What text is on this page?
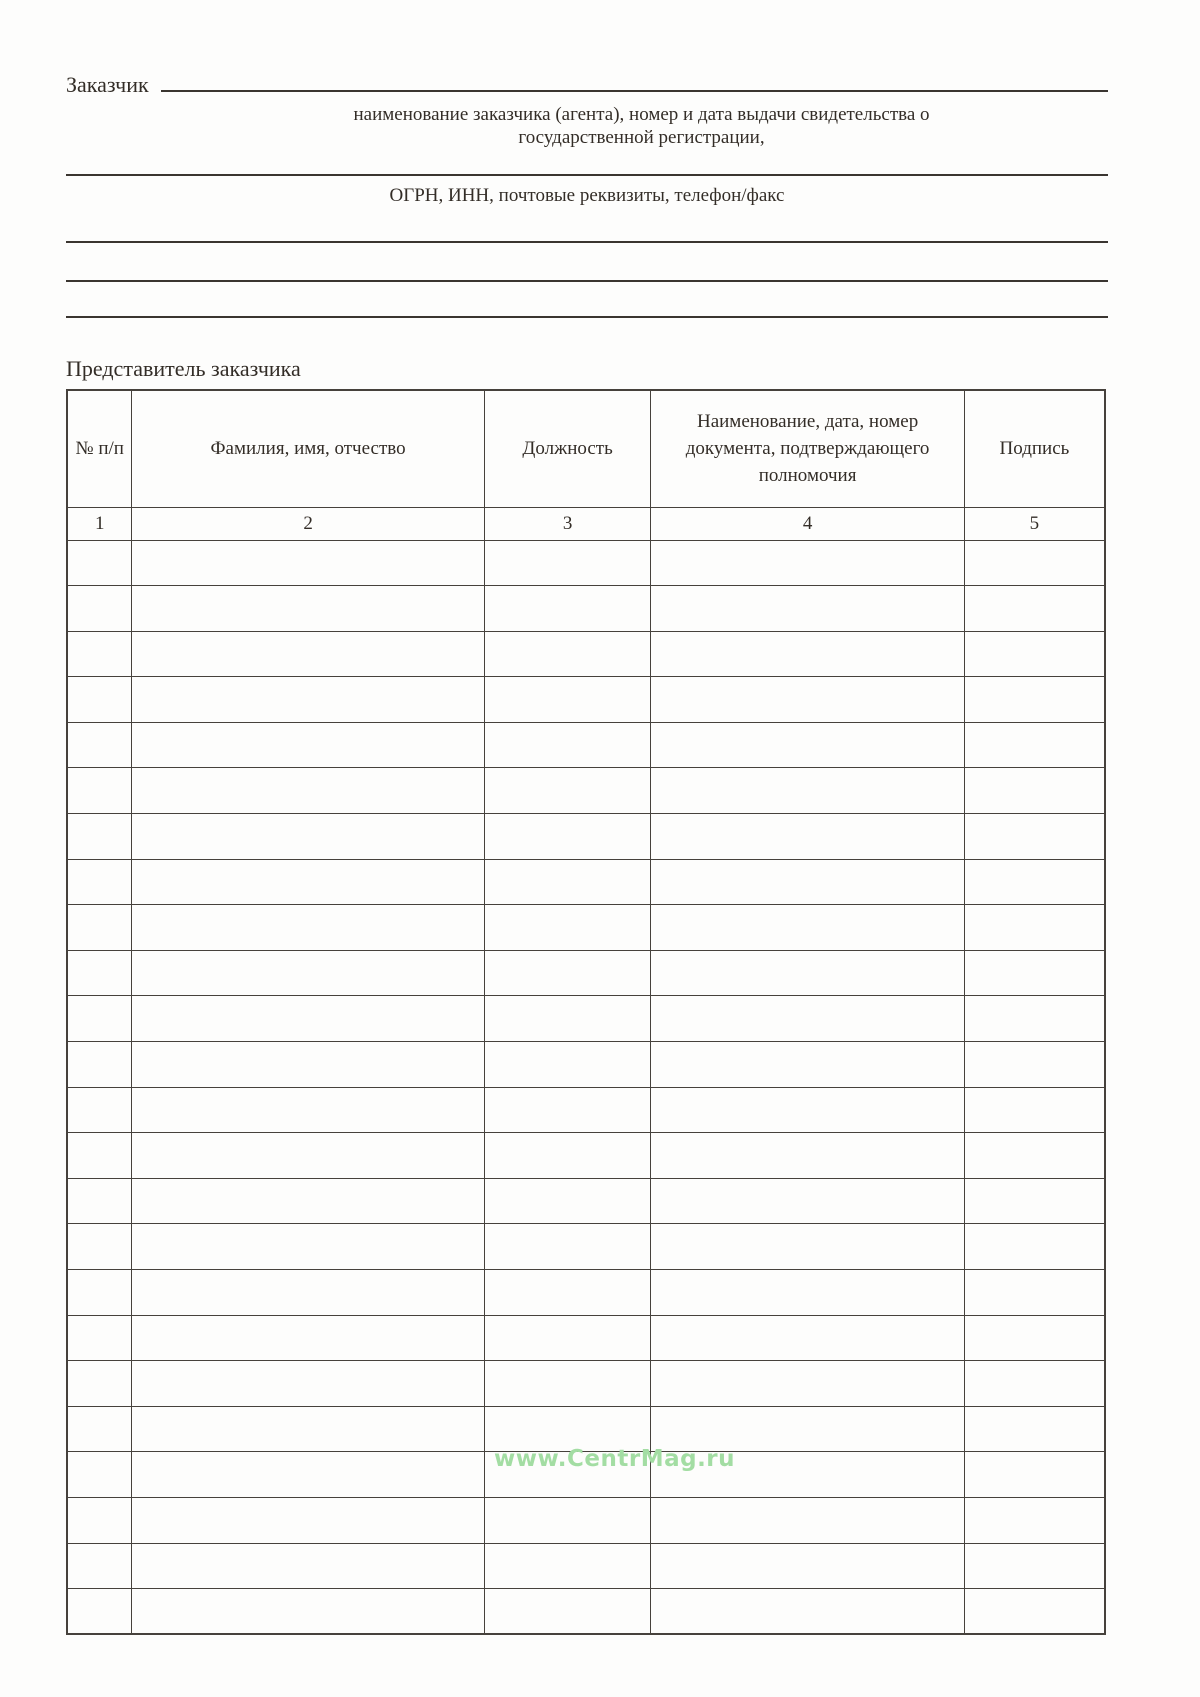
Заказчик
наименование заказчика (агента), номер и дата выдачи свидетельства о
государственной регистрации,
ОГРН, ИНН, почтовые реквизиты, телефон/факс
Представитель заказчика
№ п/п	Фамилия, имя, отчество	Должность	Наименование, дата, номер документа, подтверждающего полномочия	Подпись
1	2	3	4	5

www.CentrMag.ru
